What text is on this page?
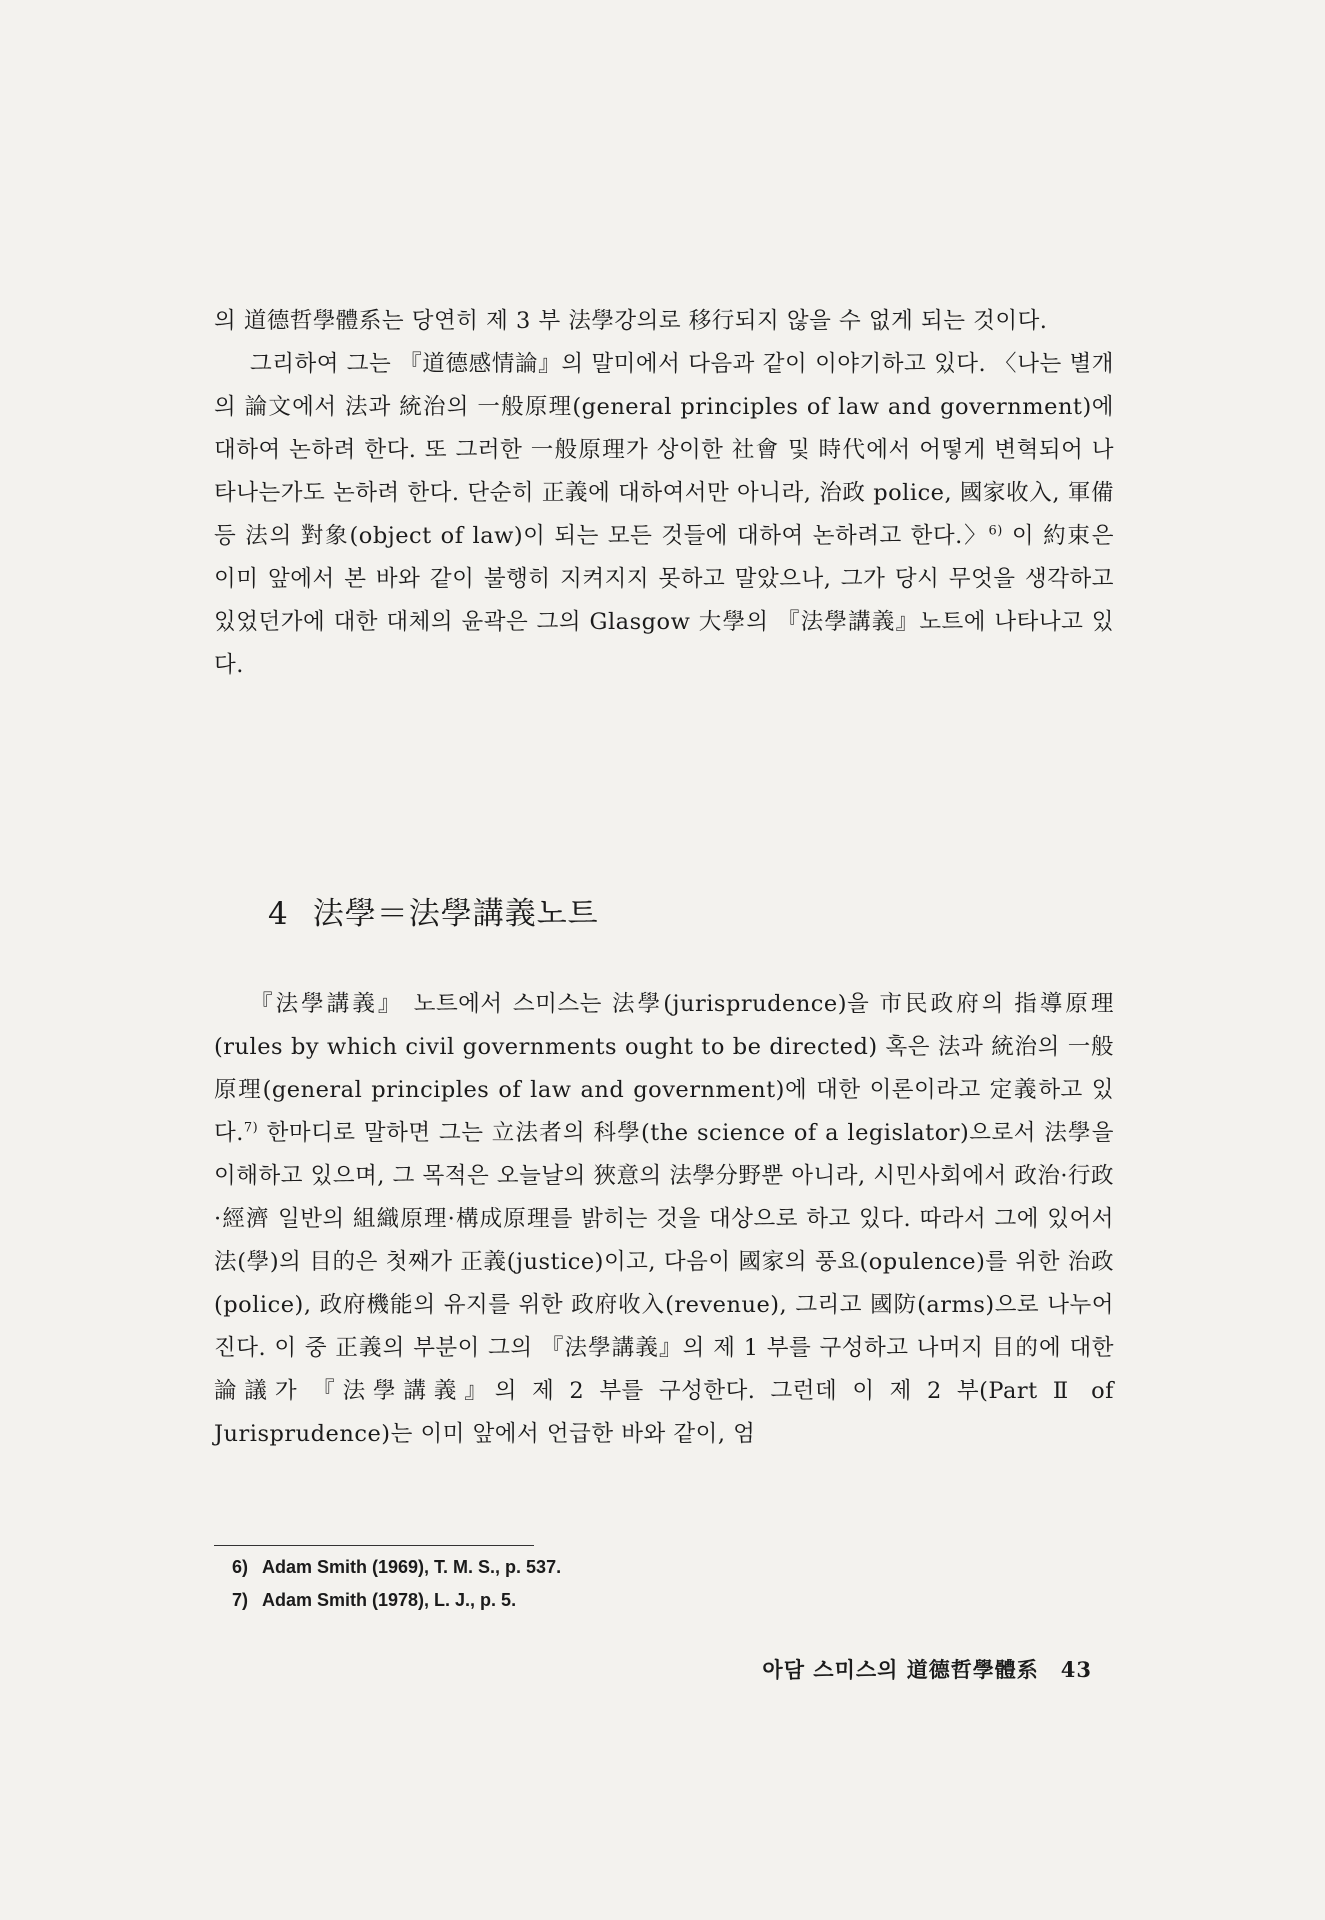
의 道德哲學體系는 당연히 제 3 부 法學강의로 移行되지 않을 수 없게 되는 것이다.

그리하여 그는 『道德感情論』의 말미에서 다음과 같이 이야기하고 있다. 〈나는 별개의 論文에서 法과 統治의 一般原理(general principles of law and government)에 대하여 논하려 한다. 또 그러한 一般原理가 상이한 社會 및 時代에서 어떻게 변혁되어 나타나는가도 논하려 한다. 단순히 正義에 대하여서만 아니라, 治政 police, 國家收入, 軍備 등 法의 對象(object of law)이 되는 모든 것들에 대하여 논하려고 한다.〉$^{6)}$ 이 約束은 이미 앞에서 본 바와 같이 불행히 지켜지지 못하고 말았으나, 그가 당시 무엇을 생각하고 있었던가에 대한 대체의 윤곽은 그의 Glasgow 大學의 『法學講義』노트에 나타나고 있다.

4 法學＝法學講義노트

『法學講義』 노트에서 스미스는 法學(jurisprudence)을 市民政府의 指導原理(rules by which civil governments ought to be directed) 혹은 法과 統治의 一般原理(general principles of law and government)에 대한 이론이라고 定義하고 있다.$^{7)}$ 한마디로 말하면 그는 立法者의 科學(the science of a legislator)으로서 法學을 이해하고 있으며, 그 목적은 오늘날의 狹意의 法學分野뿐 아니라, 시민사회에서 政治·行政·經濟 일반의 組織原理·構成原理를 밝히는 것을 대상으로 하고 있다. 따라서 그에 있어서 法(學)의 目的은 첫째가 正義(justice)이고, 다음이 國家의 풍요(opulence)를 위한 治政(police), 政府機能의 유지를 위한 政府收入(revenue), 그리고 國防(arms)으로 나누어진다. 이 중 正義의 부분이 그의 『法學講義』의 제 1 부를 구성하고 나머지 目的에 대한 論議가 『法學講義』의 제 2 부를 구성한다. 그런데 이 제 2 부(Part Ⅱ of Jurisprudence)는 이미 앞에서 언급한 바와 같이, 엄

6) Adam Smith (1969), T. M. S., p. 537.

7) Adam Smith (1978), L. J., p. 5.

아담 스미스의 道德哲學體系 43
